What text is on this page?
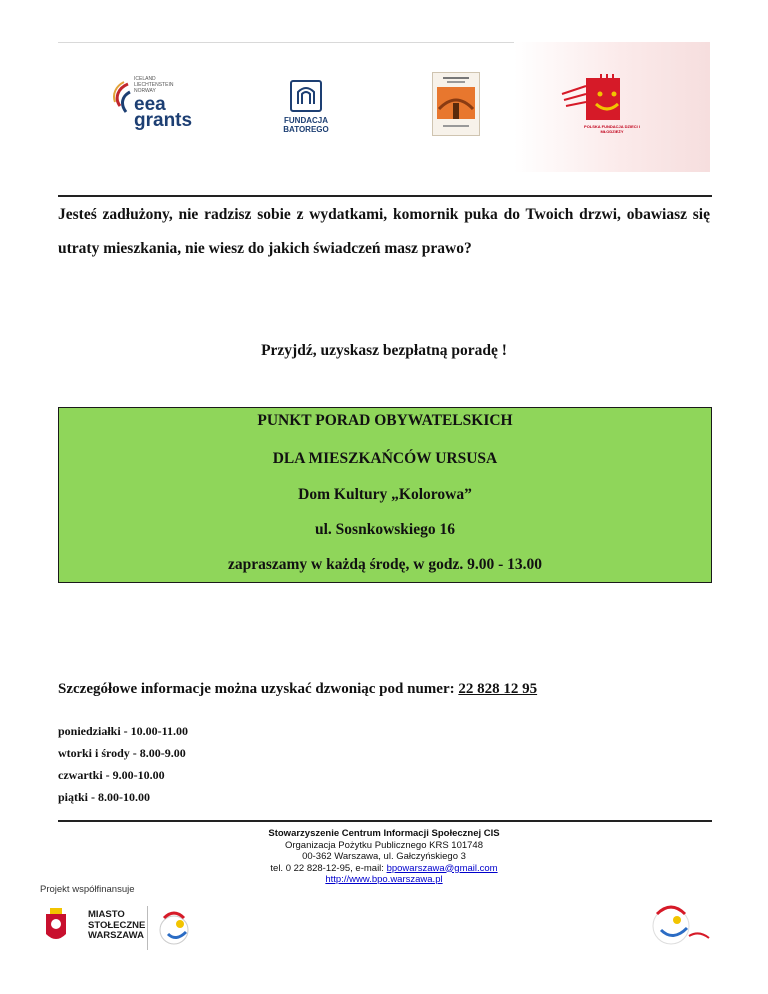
ICELAND
LIECHTENSTEIN
NORWAY
eea
grants	FUNDACJA
BATOREGO	POLSKA FUNDACJA DZIECI I MŁODZIEŻY
Jesteś zadłużony, nie radzisz sobie z wydatkami, komornik puka do Twoich drzwi, obawiasz się utraty mieszkania, nie wiesz do jakich świadczeń masz prawo?
Przyjdź, uzyskasz bezpłatną poradę !
PUNKT PORAD OBYWATELSKICH
DLA MIESZKAŃCÓW URSUSA
Dom Kultury „Kolorowa”
ul. Sosnkowskiego 16
zapraszamy w każdą środę, w godz. 9.00 - 13.00
Szczegółowe informacje można uzyskać dzwoniąc pod numer: 22 828 12 95
poniedziałki - 10.00-11.00
wtorki i środy - 8.00-9.00
czwartki - 9.00-10.00
piątki - 8.00-10.00
Stowarzyszenie Centrum Informacji Społecznej CIS
Organizacja Pożytku Publicznego KRS 101748
00-362 Warszawa, ul. Gałczyńskiego 3
tel. 0 22 828-12-95, e-mail: bpowarszawa@gmail.com
http://www.bpo.warszawa.pl
Projekt współfinansuje
MIASTO
STOŁECZNE
WARSZAWA
